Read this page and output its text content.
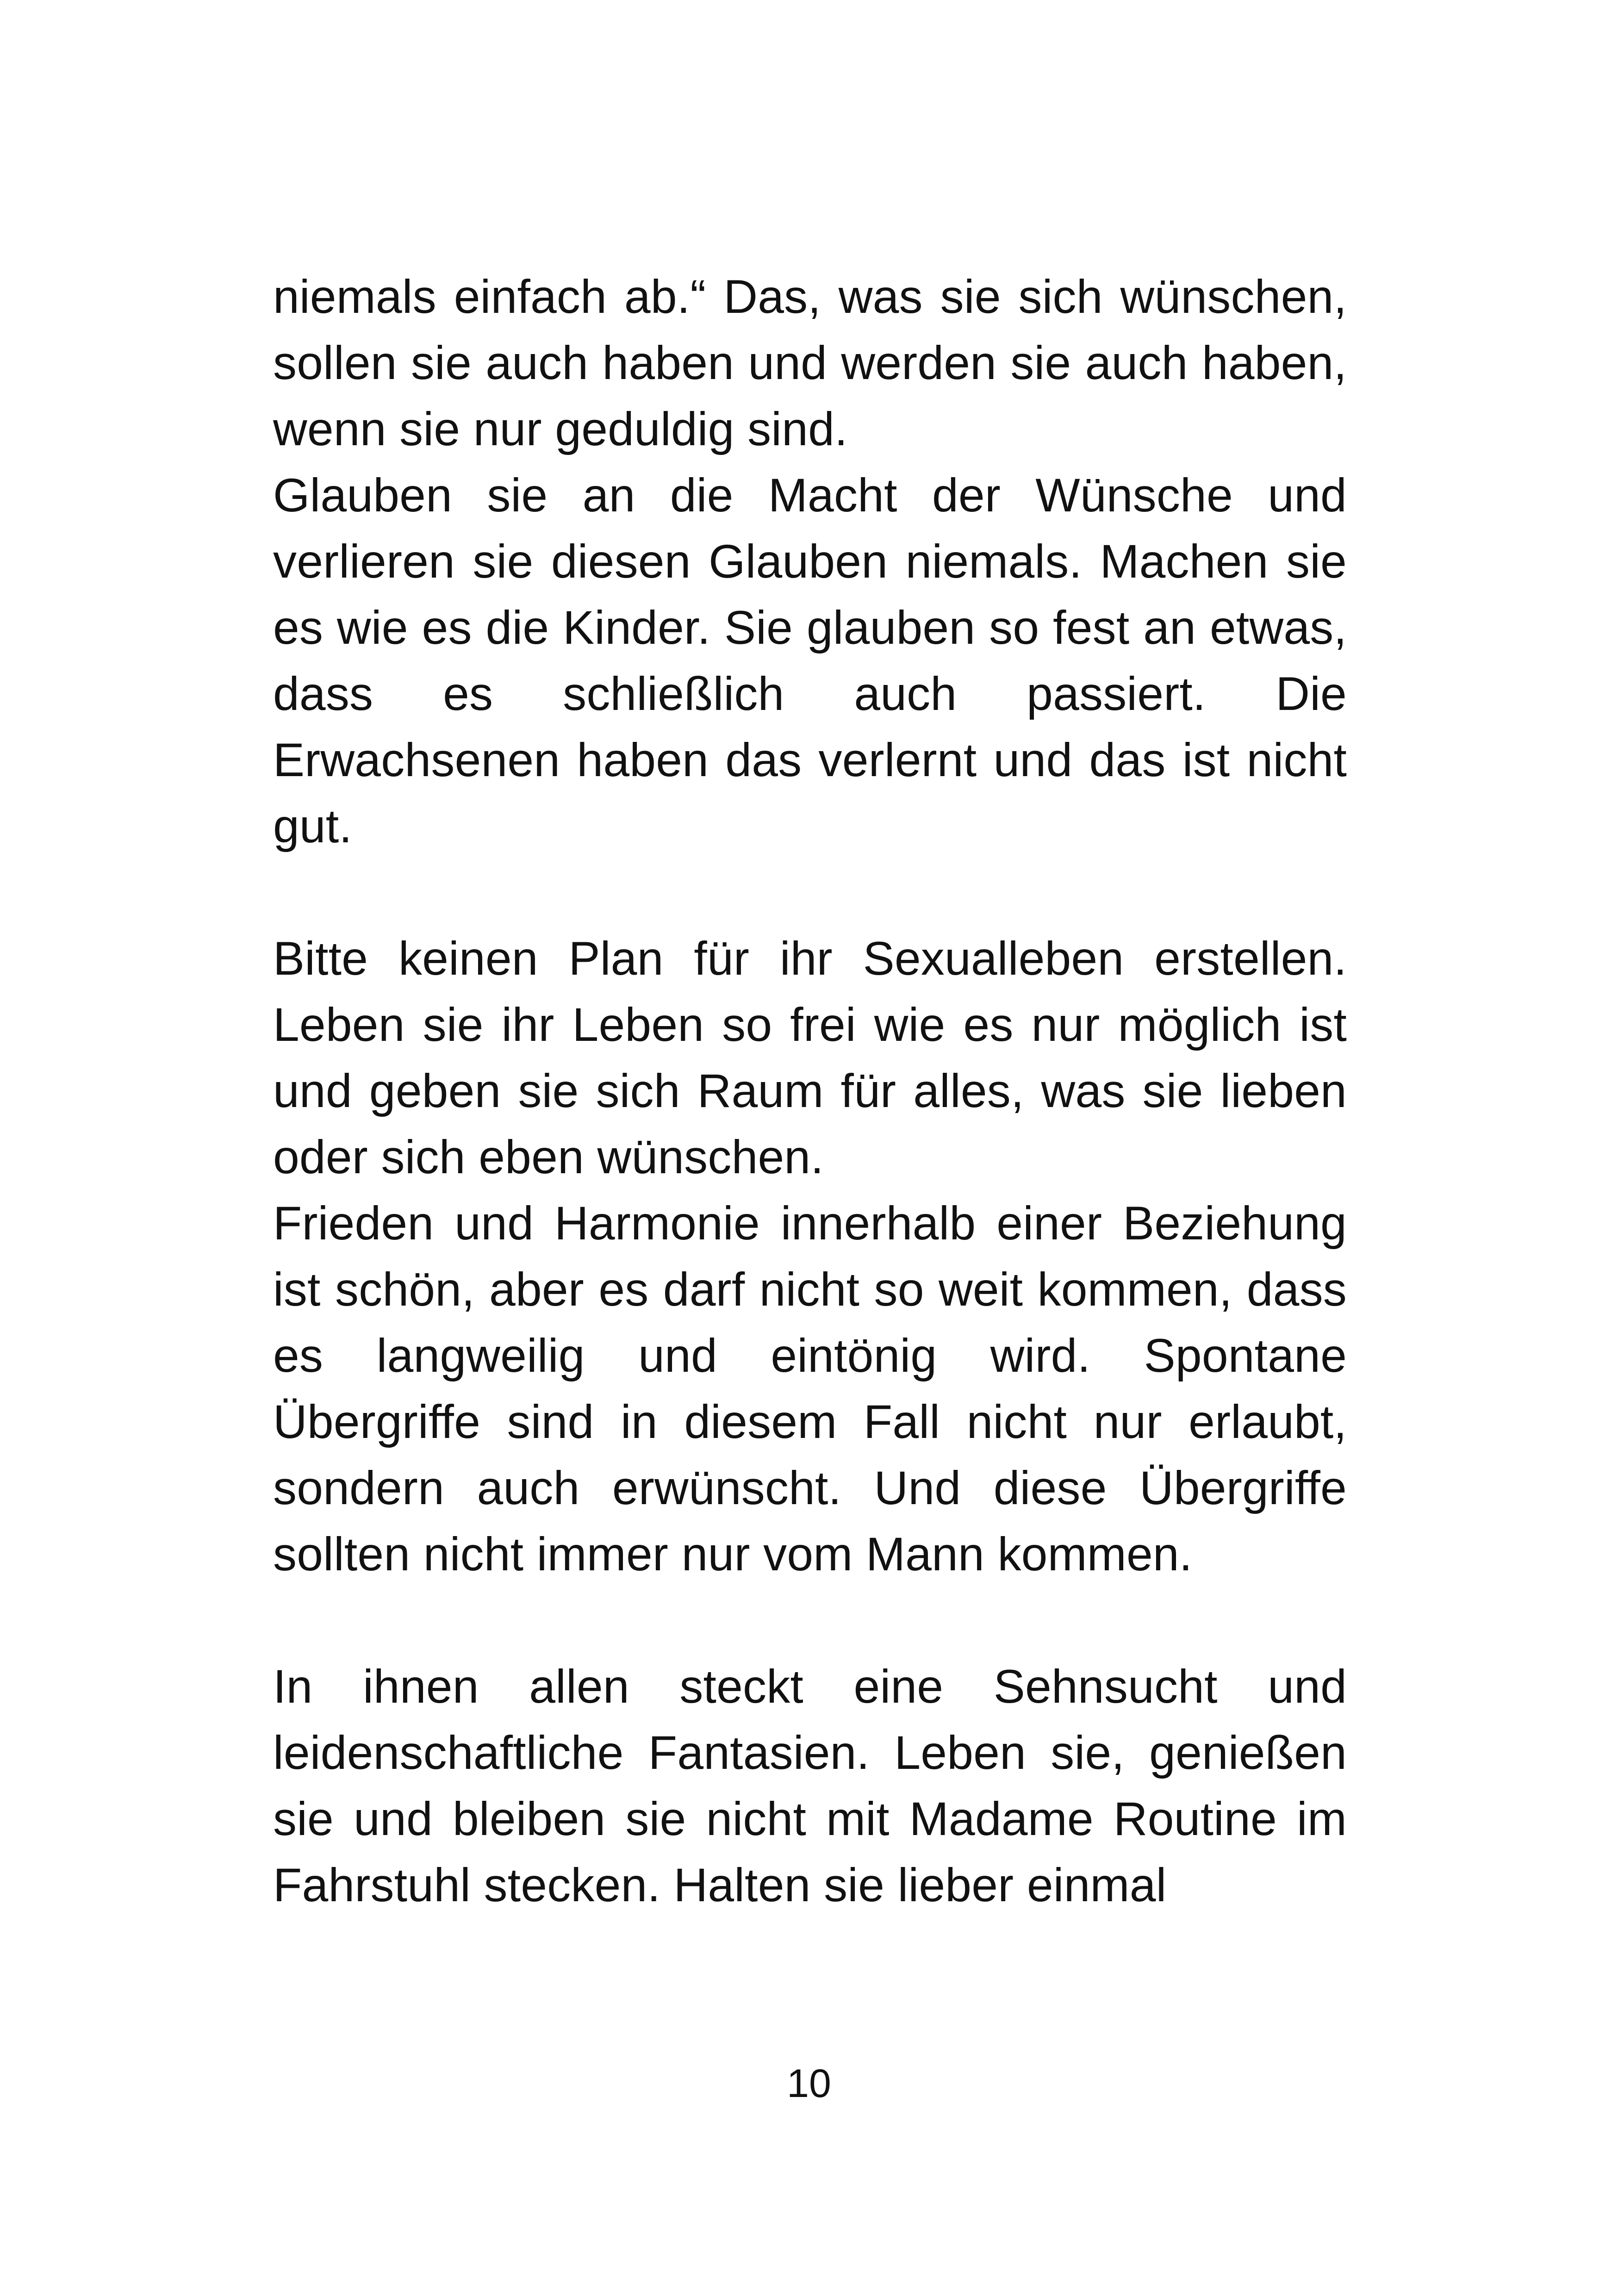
niemals einfach ab.“ Das, was sie sich wünschen, sollen sie auch haben und werden sie auch haben, wenn sie nur geduldig sind.

Glauben sie an die Macht der Wünsche und verlieren sie diesen Glauben niemals. Machen sie es wie es die Kinder. Sie glauben so fest an etwas, dass es schließlich auch passiert. Die Erwachsenen haben das verlernt und das ist nicht gut.

Bitte keinen Plan für ihr Sexualleben erstellen. Leben sie ihr Leben so frei wie es nur möglich ist und geben sie sich Raum für alles, was sie lieben oder sich eben wünschen.

Frieden und Harmonie innerhalb einer Beziehung ist schön, aber es darf nicht so weit kommen, dass es langweilig und eintönig wird. Spontane Übergriffe sind in diesem Fall nicht nur erlaubt, sondern auch erwünscht. Und diese Übergriffe sollten nicht immer nur vom Mann kommen.

In ihnen allen steckt eine Sehnsucht und leidenschaftliche Fantasien. Leben sie, genießen sie und bleiben sie nicht mit Madame Routine im Fahrstuhl stecken. Halten sie lieber einmal

10
